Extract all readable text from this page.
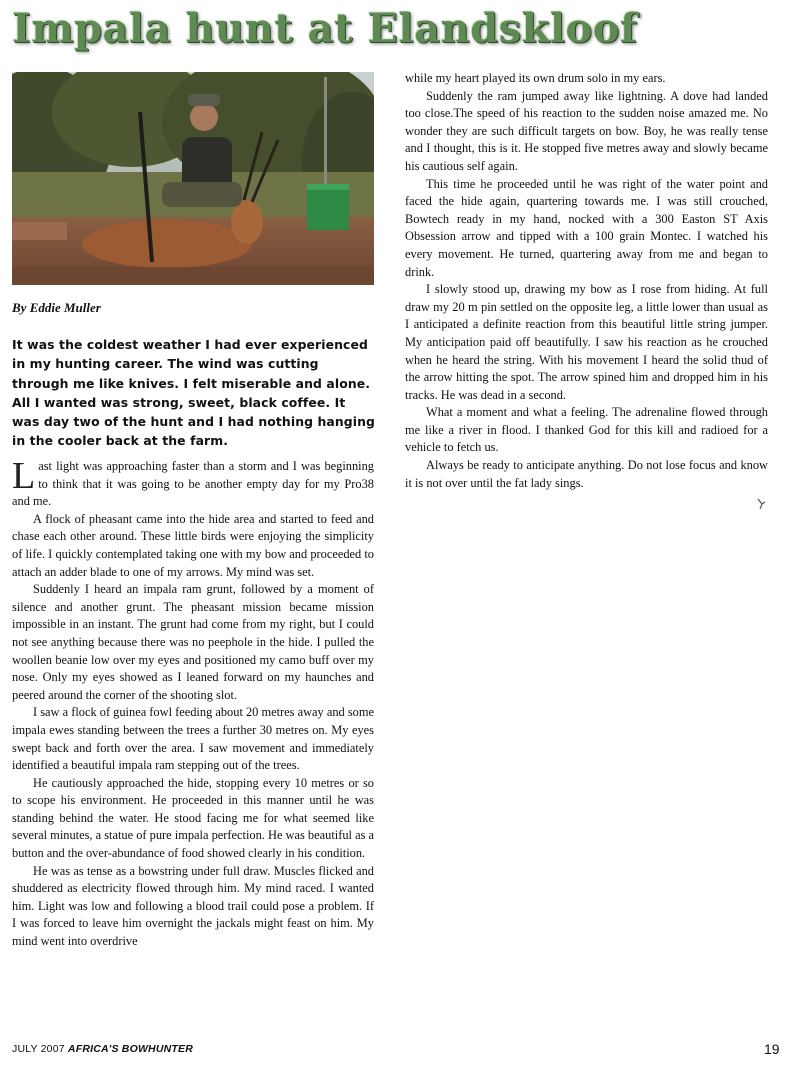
Impala hunt at Elandskloof
By Eddie Muller
It was the coldest weather I had ever experienced in my hunting career. The wind was cutting through me like knives. I felt miserable and alone. All I wanted was strong, sweet, black coffee. It was day two of the hunt and I had nothing hanging in the cooler back at the farm.

Last light was approaching faster than a storm and I was beginning to think that it was going to be another empty day for my Pro38 and me.

A flock of pheasant came into the hide area and started to feed and chase each other around. These little birds were enjoying the simplicity of life. I quickly contemplated taking one with my bow and proceeded to attach an adder blade to one of my arrows. My mind was set.

Suddenly I heard an impala ram grunt, followed by a moment of silence and another grunt. The pheasant mission became mission impossible in an instant. The grunt had come from my right, but I could not see anything because there was no peephole in the hide. I pulled the woollen beanie low over my eyes and positioned my camo buff over my nose. Only my eyes showed as I leaned forward on my haunches and peered around the corner of the shooting slot.

I saw a flock of guinea fowl feeding about 20 metres away and some impala ewes standing between the trees a further 30 metres on. My eyes swept back and forth over the area. I saw movement and immediately identified a beautiful impala ram stepping out of the trees.

He cautiously approached the hide, stopping every 10 metres or so to scope his environment. He proceeded in this manner until he was standing behind the water. He stood facing me for what seemed like several minutes, a statue of pure impala perfection. He was beautiful as a button and the over-abundance of food showed clearly in his condition.

He was as tense as a bowstring under full draw. Muscles flicked and shuddered as electricity flowed through him. My mind raced. I wanted him. Light was low and following a blood trail could pose a problem. If I was forced to leave him overnight the jackals might feast on him. My mind went into overdrive

while my heart played its own drum solo in my ears.

Suddenly the ram jumped away like lightning. A dove had landed too close.The speed of his reaction to the sudden noise amazed me. No wonder they are such difficult targets on bow. Boy, he was really tense and I thought, this is it. He stopped five metres away and slowly became his cautious self again.

This time he proceeded until he was right of the water point and faced the hide again, quartering towards me. I was still crouched, Bowtech ready in my hand, nocked with a 300 Easton ST Axis Obsession arrow and tipped with a 100 grain Montec. I watched his every movement. He turned, quartering away from me and began to drink.

I slowly stood up, drawing my bow as I rose from hiding. At full draw my 20 m pin settled on the opposite leg, a little lower than usual as I anticipated a definite reaction from this beautiful little string jumper. My anticipation paid off beautifully. I saw his reaction as he crouched when he heard the string. With his movement I heard the solid thud of the arrow hitting the spot. The arrow spined him and dropped him in his tracks. He was dead in a second.

What a moment and what a feeling. The adrenaline flowed through me like a river in flood. I thanked God for this kill and radioed for a vehicle to fetch us.

Always be ready to anticipate anything. Do not lose focus and know it is not over until the fat lady sings.

JULY 2007 AFRICA'S BOWHUNTER	19
